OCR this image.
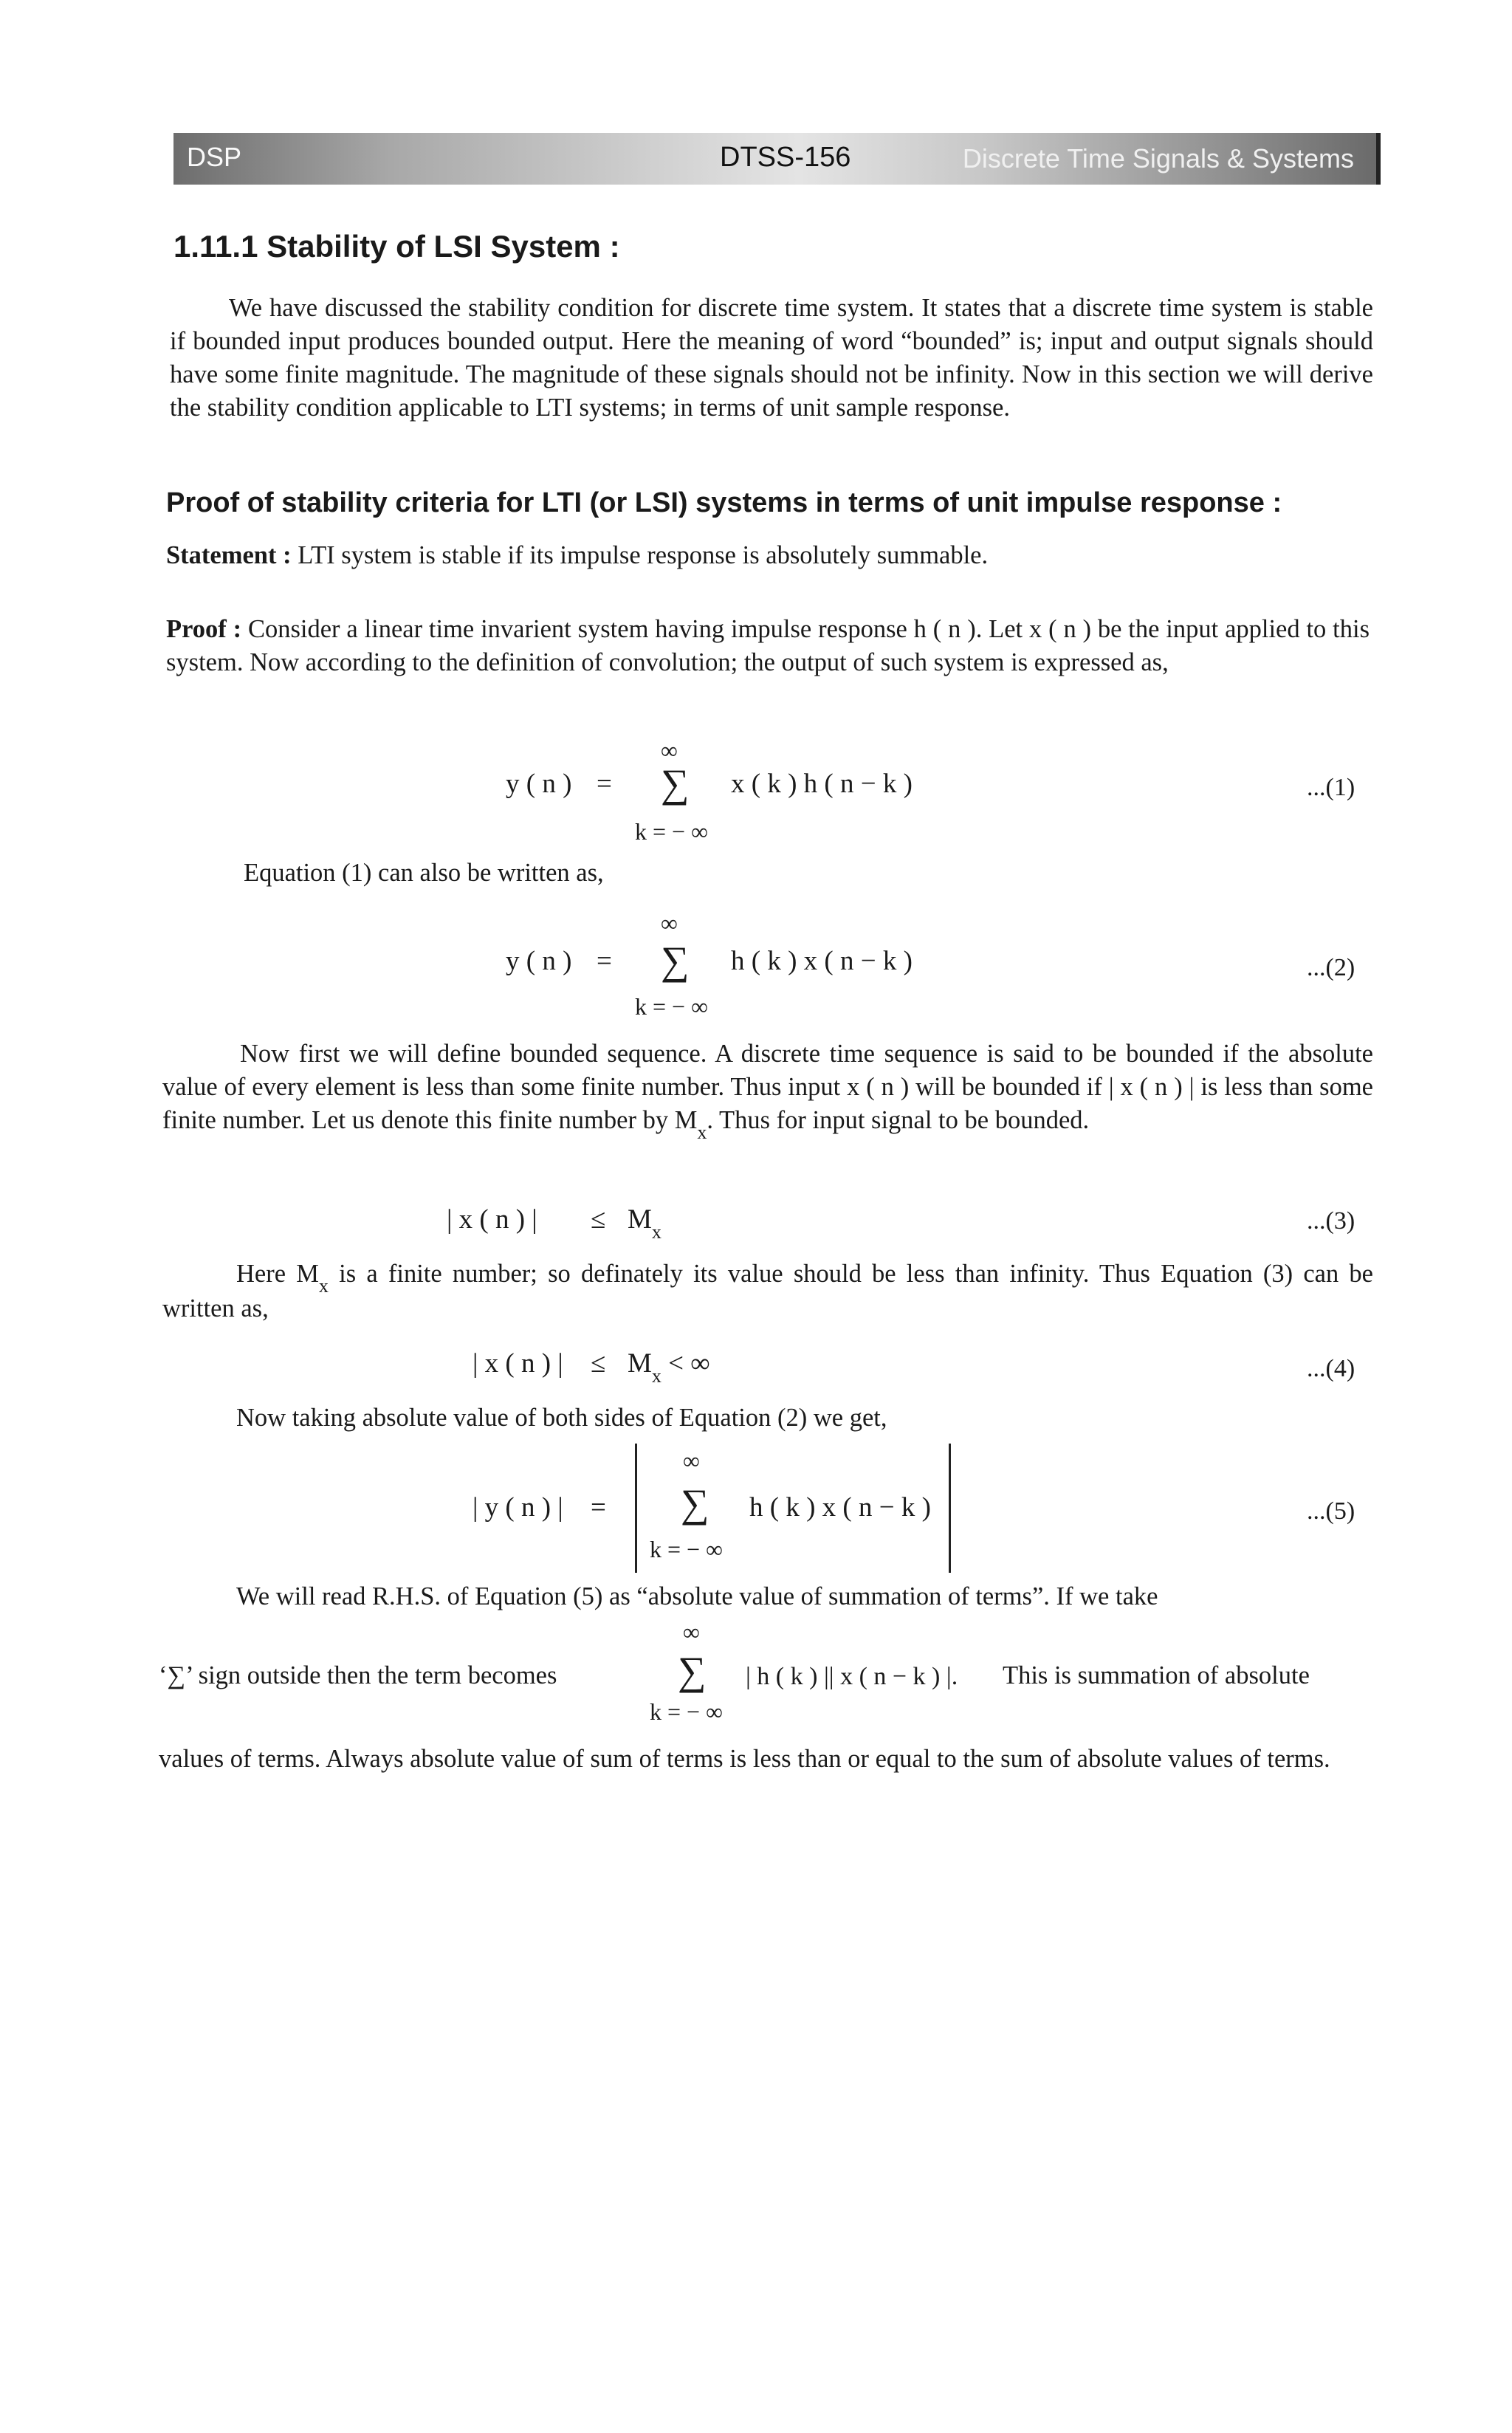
DSP	DTSS-156	Discrete Time Signals & Systems
1.11.1 Stability of LSI System :
We have discussed the stability condition for discrete time system. It states that a discrete time system is stable if bounded input produces bounded output. Here the meaning of word “bounded” is; input and output signals should have some finite magnitude. The magnitude of these signals should not be infinity. Now in this section we will derive the stability condition applicable to LTI systems; in terms of unit sample response.
Proof of stability criteria for LTI (or LSI) systems in terms of unit impulse response :
Statement : LTI system is stable if its impulse response is absolutely summable.
Proof : Consider a linear time invarient system having impulse response h ( n ). Let x ( n ) be the input applied to this system. Now according to the definition of convolution; the output of such system is expressed as,
∞
y ( n ) = ∑ x ( k ) h ( n − k )
k = − ∞
...(1)
Equation (1) can also be written as,
∞
y ( n ) = ∑ h ( k ) x ( n − k )
k = − ∞
...(2)
Now first we will define bounded sequence. A discrete time sequence is said to be bounded if the absolute value of every element is less than some finite number. Thus input x ( n ) will be bounded if | x ( n ) | is less than some finite number. Let us denote this finite number by $M_x$. Thus for input signal to be bounded.
| x ( n ) | ≤ $M_x$	...(3)
Here $M_x$ is a finite number; so definately its value should be less than infinity. Thus Equation (3) can be written as,
| x ( n ) | ≤ $M_x$ < ∞	...(4)
Now taking absolute value of both sides of Equation (2) we get,
∞
| y ( n ) | = ∑ h ( k ) x ( n − k )
k = − ∞
...(5)
We will read R.H.S. of Equation (5) as “absolute value of summation of terms”. If we take
∞
‘∑’ sign outside then the term becomes	∑ | h ( k ) || x ( n − k ) |. This is summation of absolute
k = − ∞
values of terms. Always absolute value of sum of terms is less than or equal to the sum of absolute values of terms.
